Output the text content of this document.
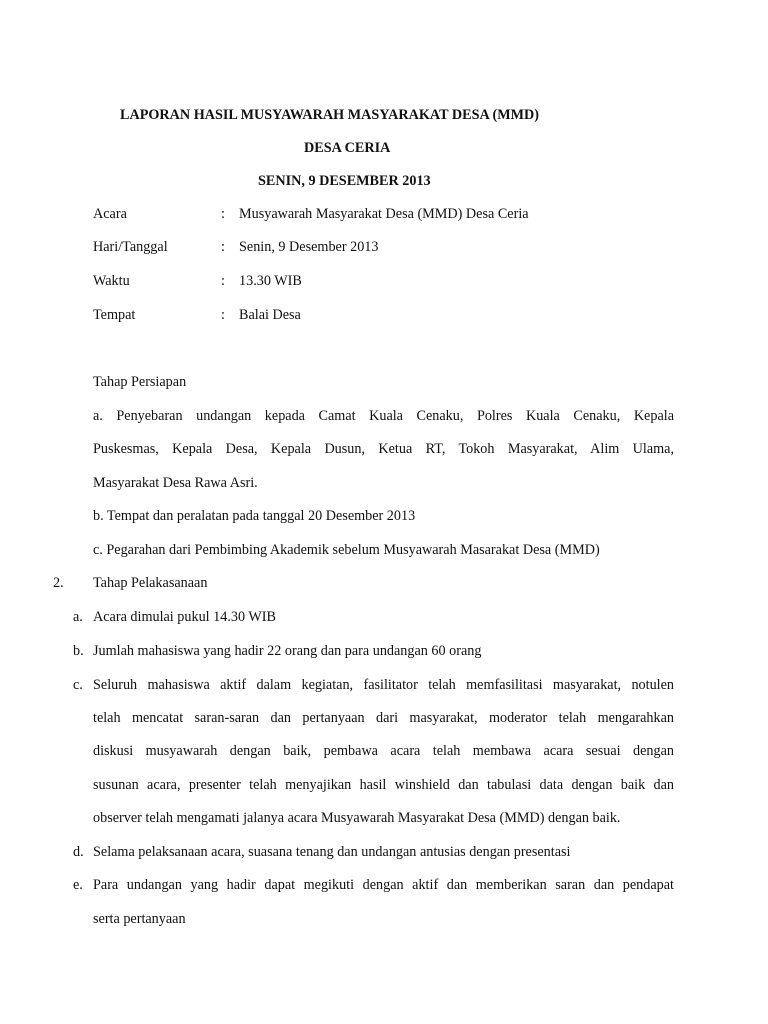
LAPORAN HASIL MUSYAWARAH MASYARAKAT DESA (MMD)
DESA CERIA
SENIN, 9 DESEMBER 2013
Acara	: Musyawarah Masyarakat Desa (MMD) Desa Ceria
Hari/Tanggal	: Senin, 9 Desember 2013
Waktu	: 13.30 WIB
Tempat	: Balai Desa
Tahap Persiapan
a. Penyebaran undangan kepada Camat Kuala Cenaku, Polres Kuala Cenaku, Kepala
Puskesmas, Kepala Desa, Kepala Dusun, Ketua RT, Tokoh Masyarakat, Alim Ulama,
Masyarakat Desa Rawa Asri.
b. Tempat dan peralatan pada tanggal 20 Desember 2013
c. Pegarahan dari Pembimbing Akademik sebelum Musyawarah Masarakat Desa (MMD)
2. Tahap Pelakasanaan
a. Acara dimulai pukul 14.30 WIB
b. Jumlah mahasiswa yang hadir 22 orang dan para undangan 60 orang
c. Seluruh mahasiswa aktif dalam kegiatan, fasilitator telah memfasilitasi masyarakat, notulen
telah mencatat saran-saran dan pertanyaan dari masyarakat, moderator telah mengarahkan
diskusi musyawarah dengan baik, pembawa acara telah membawa acara sesuai dengan
susunan acara, presenter telah menyajikan hasil winshield dan tabulasi data dengan baik dan
observer telah mengamati jalanya acara Musyawarah Masyarakat Desa (MMD) dengan baik.
d. Selama pelaksanaan acara, suasana tenang dan undangan antusias dengan presentasi
e. Para undangan yang hadir dapat megikuti dengan aktif dan memberikan saran dan pendapat
serta pertanyaan
